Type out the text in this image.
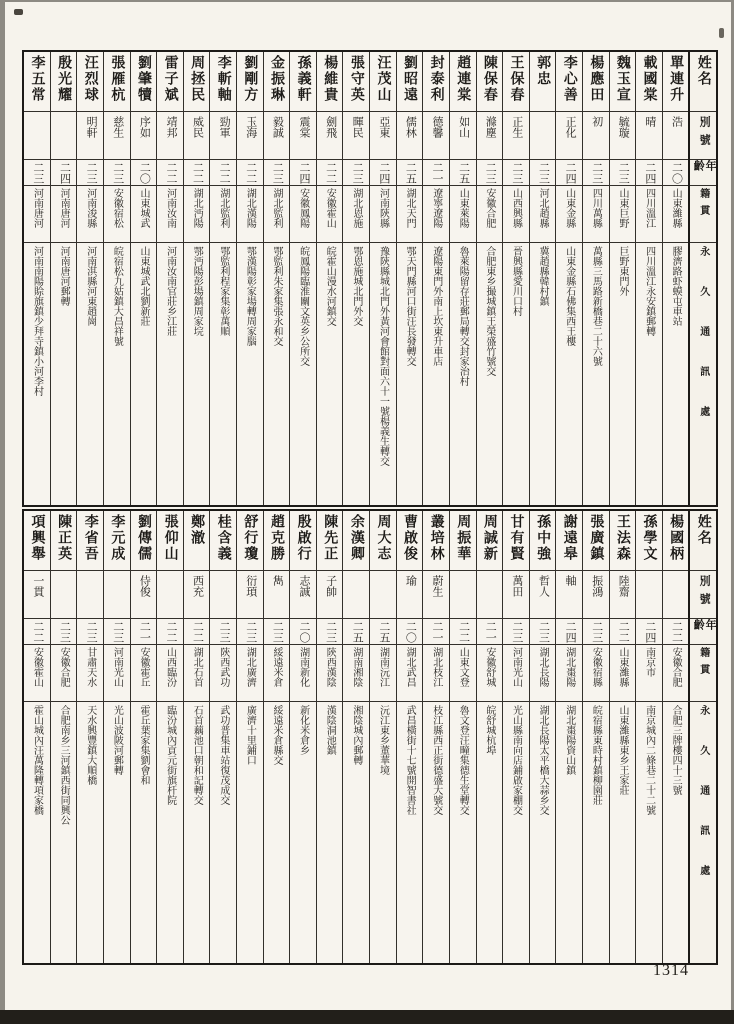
姓名
別號
年齡
籍貫
永久通訊處
單連升
浩
二〇
山東濰縣
膠濟路虾蟆屯車站
載國棠
晴
二四
四川溫江
四川溫江永安鎮郵轉
魏玉宣
毓璇
二三
山東巨野
巨野東門外
楊應田
初
二三
四川萬縣
萬縣三馬路新橋巷二十六號
李心善
正化
二四
山東金縣
山東金縣石佛集西王樓
郭忠
二三
河北趙縣
冀趙縣韓村鎮
王保春
正生
二三
山西興縣
晉興縣愛川口村
陳保春
滌塵
二三
安徽合肥
合肥東乡撮城鎮王榮盛竹號交
趙連棠
如山
二五
山東萊陽
魯萊陽留存莊郵局轉交封家治村
封泰利
德馨
二一
遼寧遼陽
遼陽東門外南上坎東升車店
劉昭遠
儒林
二五
湖北天門
鄂天門縣河口街汪長發轉交
汪茂山
亞東
二四
河南陝縣
豫陝縣城北門外黃河會館對面六十一號楊義生轉交
張守英
暉民
二三
湖北恩施
鄂恩施城北門外交
楊維貴
劍飛
二二
安徽霍山
皖霍山漫水河鎮交
孫義軒
震棠
二四
安徽鳳陽
皖鳳陽臨淮關文英乡公所交
金振琳
毅誠
二三
湖北監利
鄂監利朱家集張永和交
劉剛方
玉海
二二
湖北漢陽
鄂漢陽彰家場轉周家腦
李斬軸
勁軍
二二
湖北監利
鄂監利程家集彰萬順
周拯民
威民
二二
湖北沔陽
鄂沔陽彭場鎮周家垸
雷子斌
靖邦
二二
河南汝南
河南汝南官莊乡江莊
劉肇犢
序如
二〇
山東城武
山東城武北劉新莊
張雁杭
慈生
二三
安徽宿松
皖宿松九姑鎮大昌祥號
汪烈球
明軒
二三
河南浚縣
河南淇縣河東趙崗
殷光耀
二四
河南唐河
河南唐河郵轉
李五常
二三
河南唐河
河南南陽賒旗鎮少拜寺鎮小河李村
姓名
別號
年齡
籍貫
永久通訊處
楊國柄
二二
安徽合肥
合肥三牌樓四十三號
孫學文
二四
南京市
南京城內二條巷二十二號
王法森
陸齋
二二
山東濰縣
山東濰縣東乡王家莊
張廣鎮
振鴻
二三
安徽宿縣
皖宿縣東時村鎮柳園莊
謝遠皋
軸
二四
湖北棗陽
湖北棗陽資山鎮
孫中強
哲人
二三
湖北長陽
湖北長陽太平橋大蒜乡交
甘有賢
萬田
二三
河南光山
光山縣南向店鋪啟家棚交
周誠新
二一
安徽舒城
皖舒城杭埠
周振華
二二
山東文登
魯文登汪疃集德生堂轉交
叢培林
蔚生
二一
湖北枝江
枝江縣西正街德盛大號交
曹啟俊
瑜
二〇
湖北武昌
武昌橫街十七號開智書社
周大志
二五
湖南沅江
沅江東乡董華境
余漢卿
二五
湖南湘陰
湘陰城內郵轉
陳先正
子帥
二三
陝西漢陰
漢陰洞池鎮
殷啟行
志誠
二〇
湖南新化
新化米倉乡
趙克勝
雋
二三
綏遠米倉
綏遠米倉縣交
舒行瓊
衍頊
二三
湖北廣濟
廣濟十里鋪口
桂含義
二三
陝西武功
武功普集車站復茂成交
鄭澈
西充
二二
湖北石首
石首藕池口朝和記轉交
張仰山
二二
山西臨汾
臨汾城內貢元街旗杆院
劉傳儒
侍俊
二一
安徽霍丘
霍丘葉家集劉會和
李元成
二三
河南光山
光山波陂河郵轉
李省吾
二三
甘肅天水
天水興豐鎮大順橋
陳正英
二三
安徽合肥
合肥南乡三河鎮西街同興公
項興舉
一貫
二二
安徽霍山
霍山城內汪萬隆轉項家橋
1314
